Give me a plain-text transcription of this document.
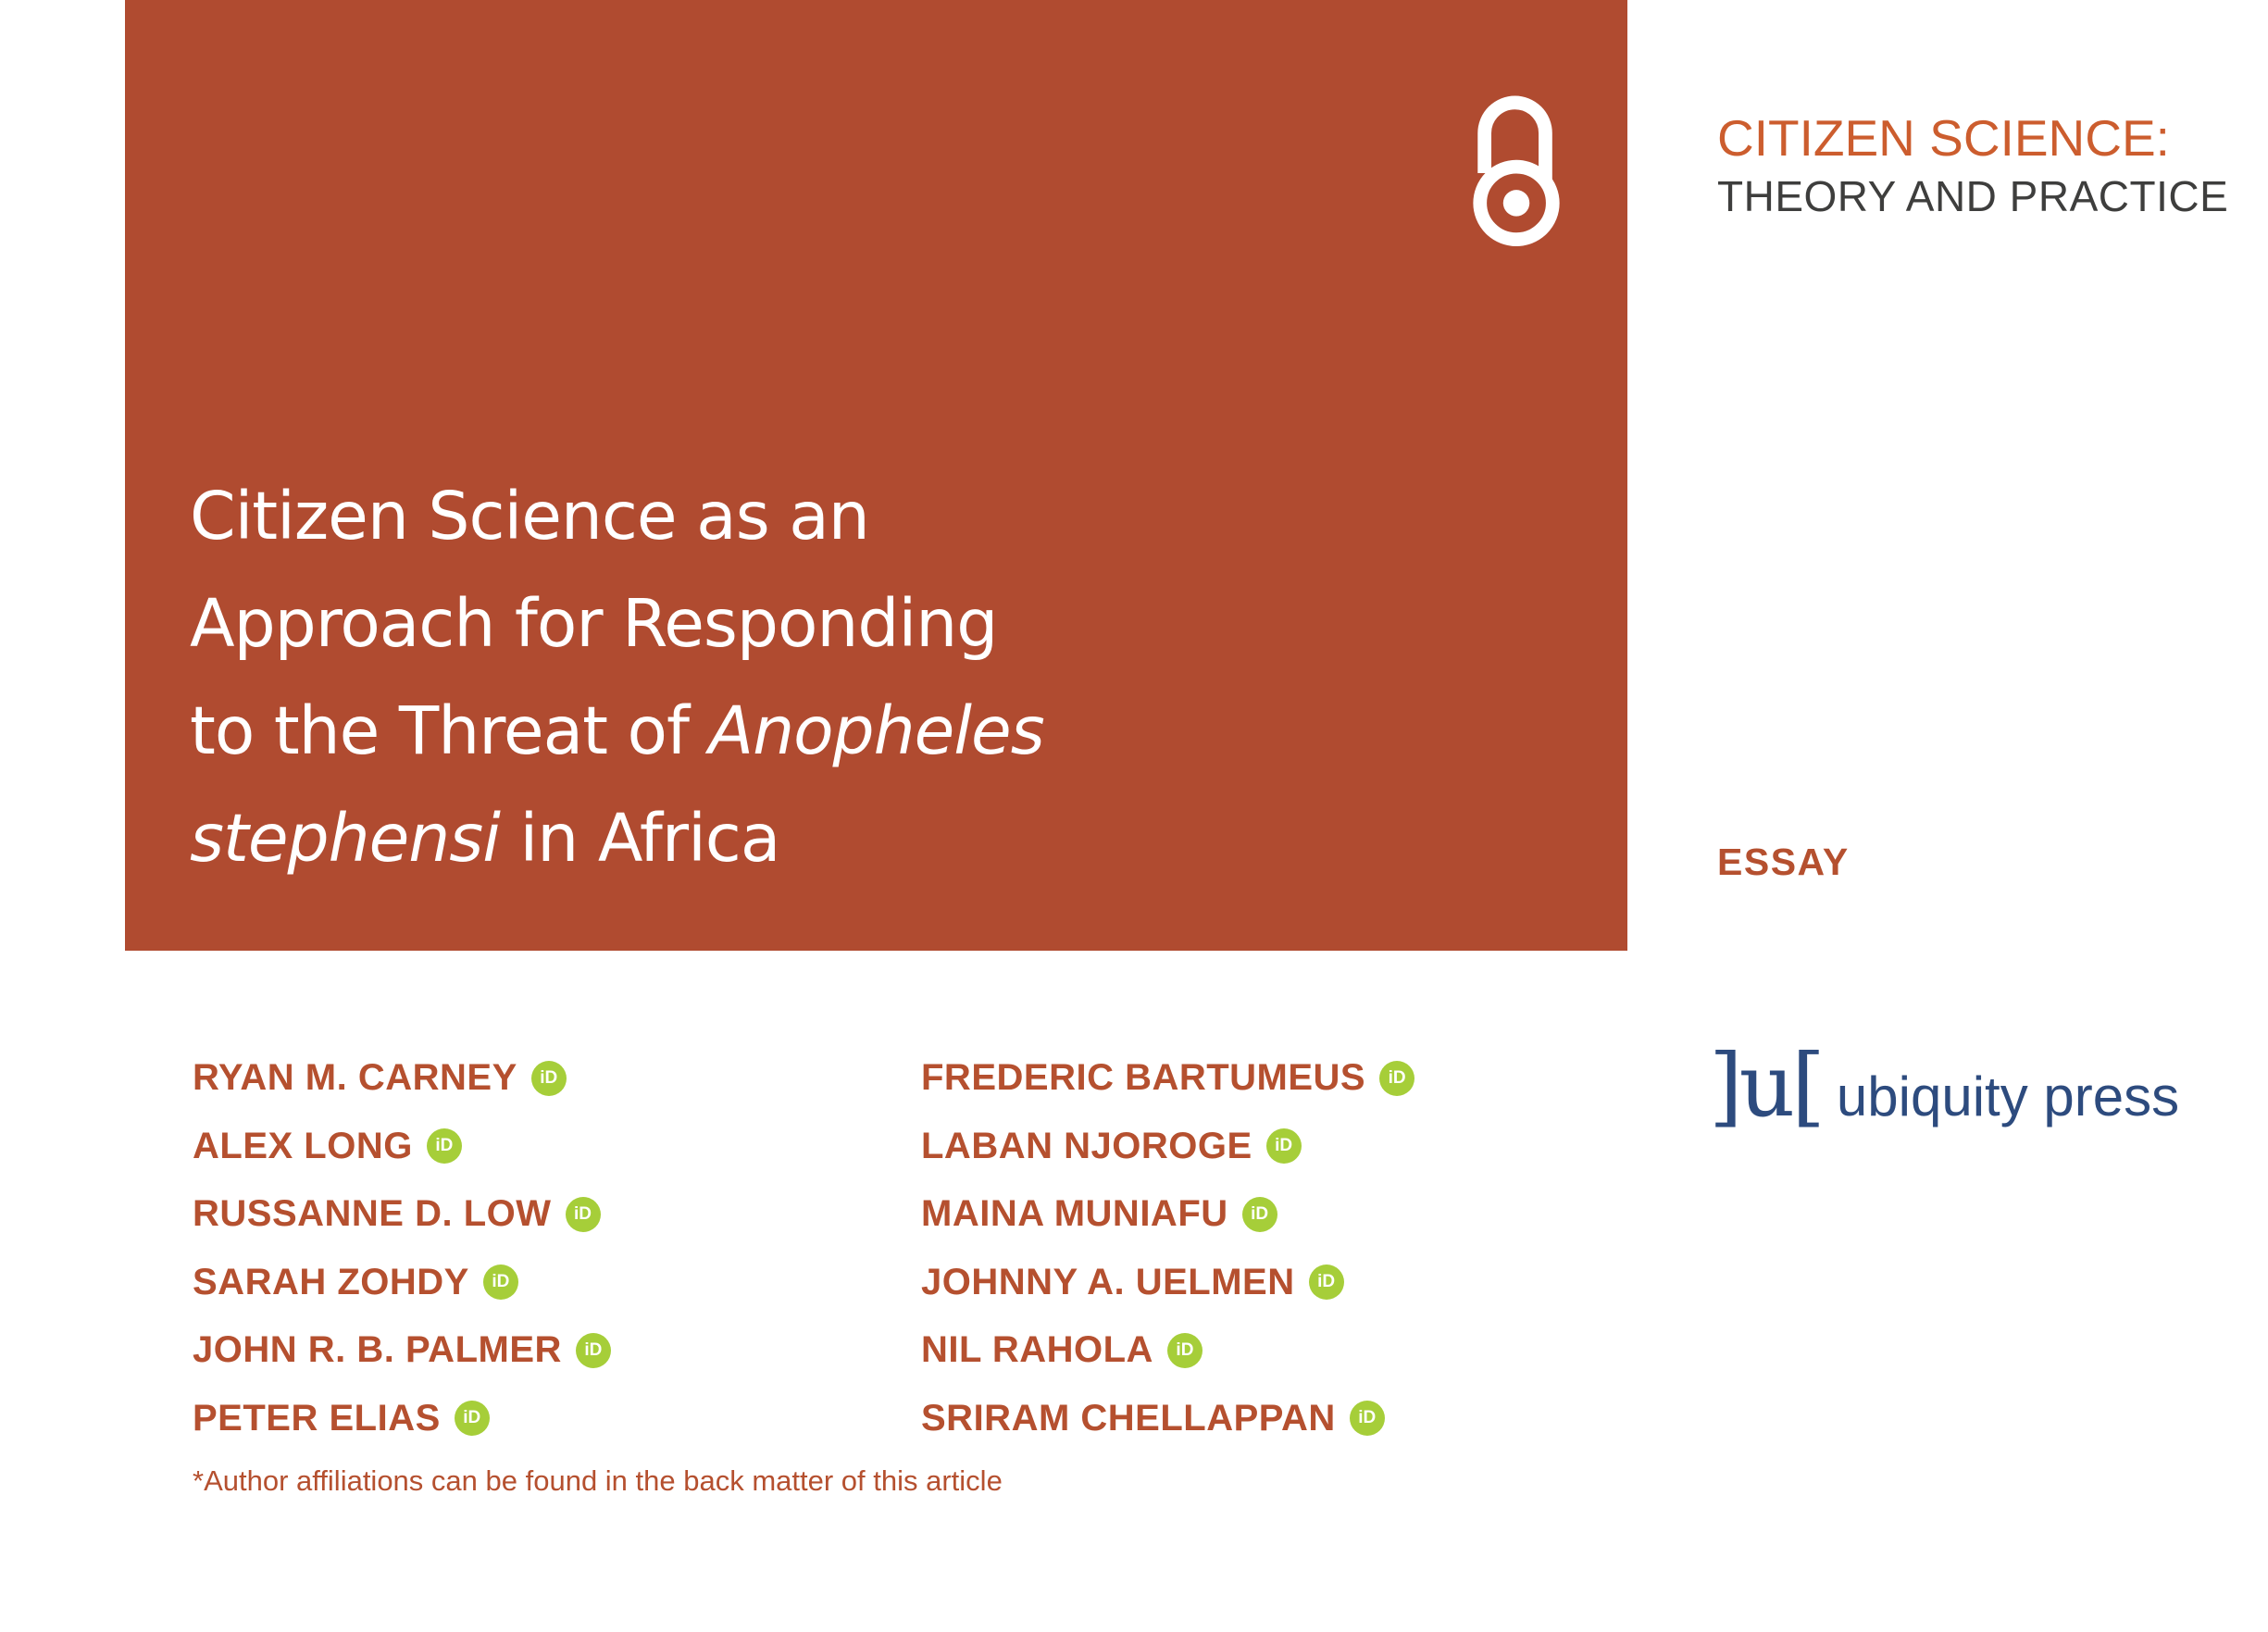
Citizen Science as an
Approach for Responding
to the Threat of Anopheles
stephensi in Africa
CITIZEN SCIENCE:
THEORY AND PRACTICE
ESSAY
RYAN M. CARNEY	iD
ALEX LONG	iD
RUSSANNE D. LOW	iD
SARAH ZOHDY	iD
JOHN R. B. PALMER	iD
PETER ELIAS	iD
FREDERIC BARTUMEUS	iD
LABAN NJOROGE	iD
MAINA MUNIAFU	iD
JOHNNY A. UELMEN	iD
NIL RAHOLA	iD
SRIRAM CHELLAPPAN	iD
*Author affiliations can be found in the back matter of this article
]u[ ubiquity press
